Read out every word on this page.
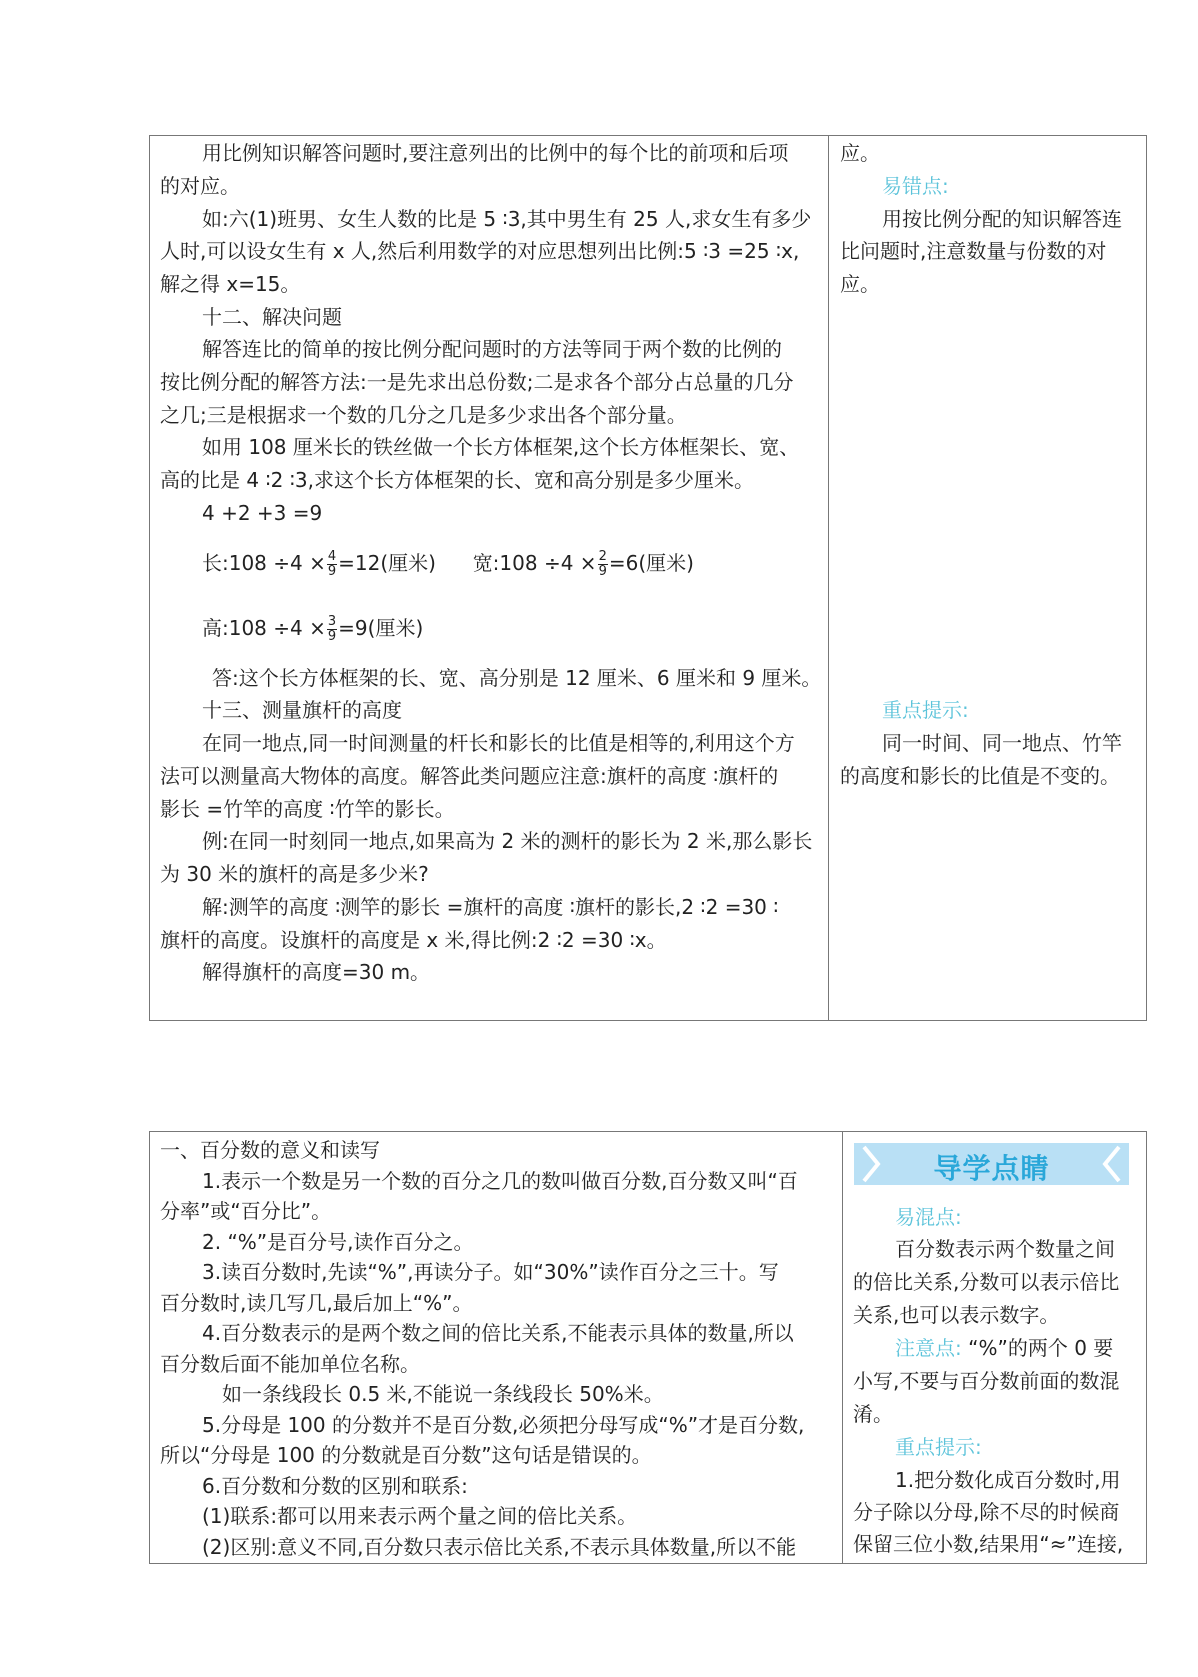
用比例知识解答问题时,要注意列出的比例中的每个比的前项和后项
的对应。
如:六(1)班男、女生人数的比是 5 ∶3,其中男生有 25 人,求女生有多少
人时,可以设女生有 x 人,然后利用数学的对应思想列出比例:5 ∶3 =25 ∶x,
解之得 x=15。
十二、解决问题
解答连比的简单的按比例分配问题时的方法等同于两个数的比例的
按比例分配的解答方法:一是先求出总份数;二是求各个部分占总量的几分
之几;三是根据求一个数的几分之几是多少求出各个部分量。
如用 108 厘米长的铁丝做一个长方体框架,这个长方体框架长、宽、
高的比是 4 ∶2 ∶3,求这个长方体框架的长、宽和高分别是多少厘米。
4 +2 +3 =9
长:108 $\div 4 \times \frac{4}{9} =12$(厘米) 宽:108 $\div 4 \times \frac{2}{9} =6$(厘米)
高:108 $\div 4 \times \frac{3}{9} =9$(厘米)
答:这个长方体框架的长、宽、高分别是 12 厘米、6 厘米和 9 厘米。
十三、测量旗杆的高度
在同一地点,同一时间测量的杆长和影长的比值是相等的,利用这个方
法可以测量高大物体的高度。解答此类问题应注意:旗杆的高度 ∶旗杆的
影长 =竹竿的高度 ∶竹竿的影长。
例:在同一时刻同一地点,如果高为 2 米的测杆的影长为 2 米,那么影长
为 30 米的旗杆的高是多少米?
解:测竿的高度 ∶测竿的影长 =旗杆的高度 ∶旗杆的影长,2 ∶2 =30 ∶
旗杆的高度。设旗杆的高度是 x 米,得比例:2 ∶2 =30 ∶x。
解得旗杆的高度=30 m。
应。
易错点:
用按比例分配的知识解答连
比问题时,注意数量与份数的对
应。
重点提示:
同一时间、同一地点、竹竿
的高度和影长的比值是不变的。
一、百分数的意义和读写
1.表示一个数是另一个数的百分之几的数叫做百分数,百分数又叫“百
分率”或“百分比”。
2. “%”是百分号,读作百分之。
3.读百分数时,先读“%”,再读分子。如“30%”读作百分之三十。写
百分数时,读几写几,最后加上“%”。
4.百分数表示的是两个数之间的倍比关系,不能表示具体的数量,所以
百分数后面不能加单位名称。
如一条线段长 0.5 米,不能说一条线段长 50%米。
5.分母是 100 的分数并不是百分数,必须把分母写成“%”才是百分数,
所以“分母是 100 的分数就是百分数”这句话是错误的。
6.百分数和分数的区别和联系:
(1)联系:都可以用来表示两个量之间的倍比关系。
(2)区别:意义不同,百分数只表示倍比关系,不表示具体数量,所以不能
导学点睛
易混点:
百分数表示两个数量之间
的倍比关系,分数可以表示倍比
关系,也可以表示数字。
注意点: “%”的两个 0 要
小写,不要与百分数前面的数混
淆。
重点提示:
1.把分数化成百分数时,用
分子除以分母,除不尽的时候商
保留三位小数,结果用“≈”连接,
